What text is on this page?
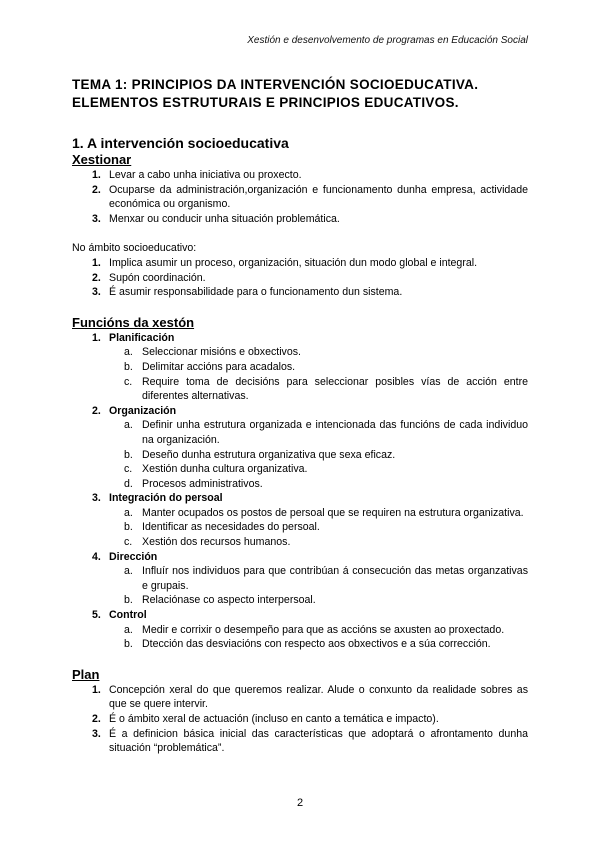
Xestión e desenvolvemento de programas en Educación Social
TEMA 1: PRINCIPIOS DA INTERVENCIÓN SOCIOEDUCATIVA. ELEMENTOS ESTRUTURAIS E PRINCIPIOS EDUCATIVOS.
1. A intervención socioeducativa
Xestionar
1. Levar a cabo unha iniciativa ou proxecto.
2. Ocuparse da administración,organización e funcionamento dunha empresa, actividade económica ou organismo.
3. Menxar ou conducir unha situación problemática.

No ámbito socioeducativo:

1. Implica asumir un proceso, organización, situación dun modo global e integral.
2. Supón coordinación.
3. É asumir responsabilidade para o funcionamento dun sistema.
Funcións da xestón
1. Planificación
a. Seleccionar misións e obxectivos.
b. Delimitar accións para acadalos.
c. Require toma de decisións para seleccionar posibles vías de acción entre diferentes alternativas.
2. Organización
a. Definir unha estrutura organizada e intencionada das funcións de cada individuo na organización.
b. Deseño dunha estrutura organizativa que sexa eficaz.
c. Xestión dunha cultura organizativa.
d. Procesos administrativos.
3. Integración do persoal
a. Manter ocupados os postos de persoal que se requiren na estrutura organizativa.
b. Identificar as necesidades do persoal.
c. Xestión dos recursos humanos.
4. Dirección
a. Influír nos individuos para que contribúan á consecución das metas organzativas e grupais.
b. Relaciónase co aspecto interpersoal.
5. Control
a. Medir e corrixir o desempeño para que as accións se axusten ao proxectado.
b. Dtección das desviacións con respecto aos obxectivos e a súa corrección.
Plan
1. Concepción xeral do que queremos realizar. Alude o conxunto da realidade sobres as que se quere intervir.
2. É o ámbito xeral de actuación (incluso en canto a temática e impacto).
3. É a definicion básica inicial das características que adoptará o afrontamento dunha situación “problemática”.
2
